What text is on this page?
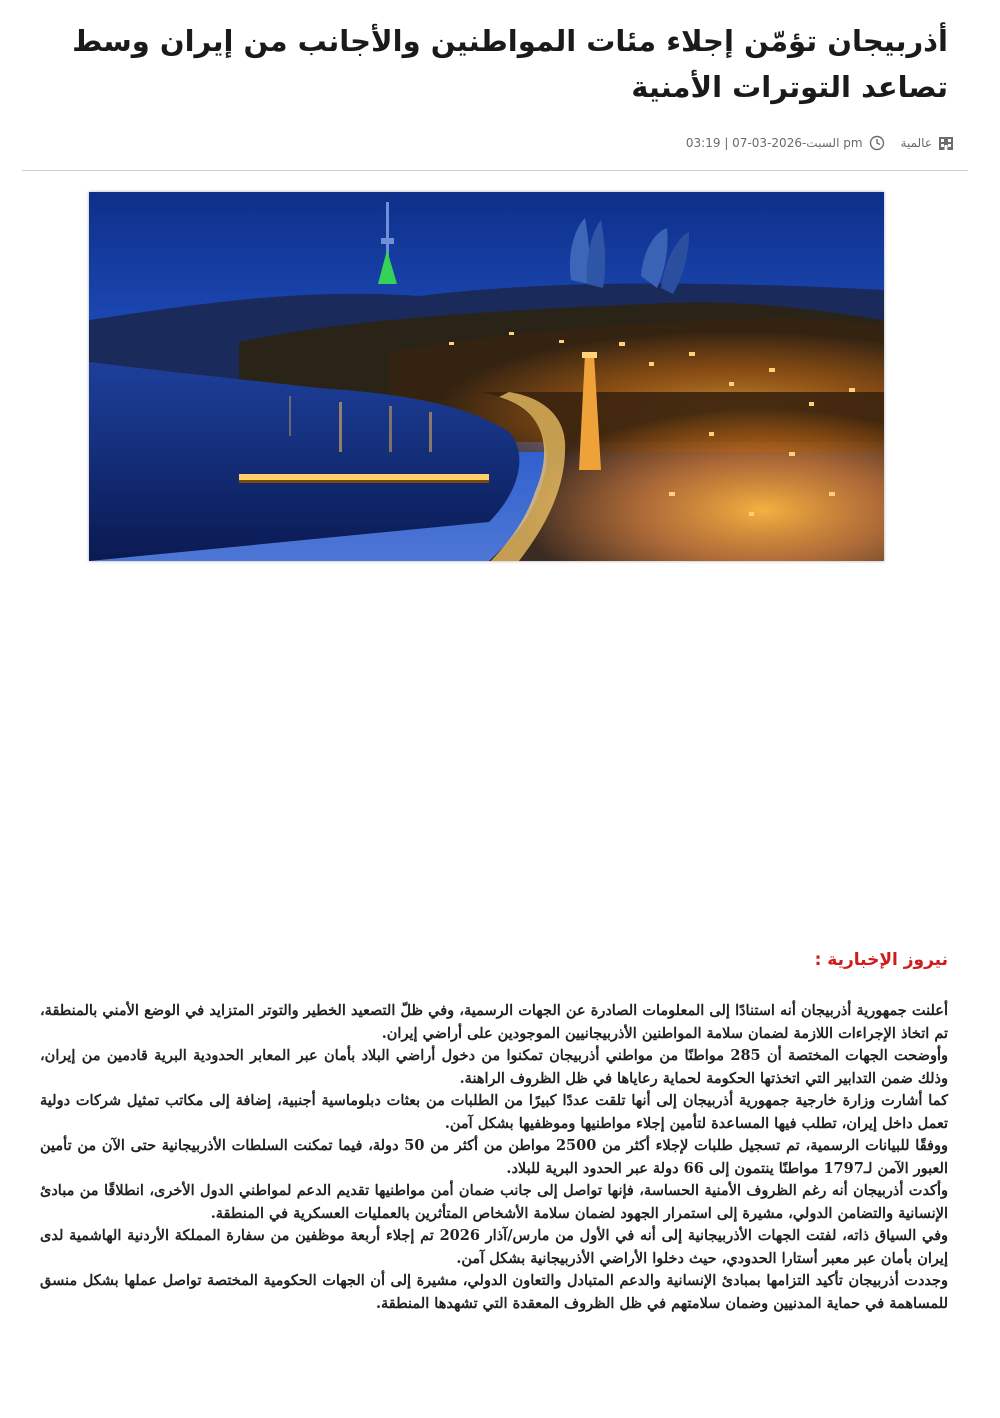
أذربيجان تؤمّن إجلاء مئات المواطنين والأجانب من إيران وسط تصاعد التوترات الأمنية
عالمية
السبت-2026-03-07 | 03:19 pm
نيروز الإخبارية :

أعلنت جمهورية أذربيجان أنه استنادًا إلى المعلومات الصادرة عن الجهات الرسمية، وفي ظلّ التصعيد الخطير والتوتر المتزايد في الوضع الأمني بالمنطقة، تم اتخاذ الإجراءات اللازمة لضمان سلامة المواطنين الأذربيجانيين الموجودين على أراضي إيران.

وأوضحت الجهات المختصة أن 285 مواطنًا من مواطني أذربيجان تمكنوا من دخول أراضي البلاد بأمان عبر المعابر الحدودية البرية قادمين من إيران، وذلك ضمن التدابير التي اتخذتها الحكومة لحماية رعاياها في ظل الظروف الراهنة.

كما أشارت وزارة خارجية جمهورية أذربيجان إلى أنها تلقت عددًا كبيرًا من الطلبات من بعثات دبلوماسية أجنبية، إضافة إلى مكاتب تمثيل شركات دولية تعمل داخل إيران، تطلب فيها المساعدة لتأمين إجلاء مواطنيها وموظفيها بشكل آمن.

ووفقًا للبيانات الرسمية، تم تسجيل طلبات لإجلاء أكثر من 2500 مواطن من أكثر من 50 دولة، فيما تمكنت السلطات الأذربيجانية حتى الآن من تأمين العبور الآمن لـ1797 مواطنًا ينتمون إلى 66 دولة عبر الحدود البرية للبلاد.

وأكدت أذربيجان أنه رغم الظروف الأمنية الحساسة، فإنها تواصل إلى جانب ضمان أمن مواطنيها تقديم الدعم لمواطني الدول الأخرى، انطلاقًا من مبادئ الإنسانية والتضامن الدولي، مشيرة إلى استمرار الجهود لضمان سلامة الأشخاص المتأثرين بالعمليات العسكرية في المنطقة.

وفي السياق ذاته، لفتت الجهات الأذربيجانية إلى أنه في الأول من مارس/آذار 2026 تم إجلاء أربعة موظفين من سفارة المملكة الأردنية الهاشمية لدى إيران بأمان عبر معبر أستارا الحدودي، حيث دخلوا الأراضي الأذربيجانية بشكل آمن.

وجددت أذربيجان تأكيد التزامها بمبادئ الإنسانية والدعم المتبادل والتعاون الدولي، مشيرة إلى أن الجهات الحكومية المختصة تواصل عملها بشكل منسق للمساهمة في حماية المدنيين وضمان سلامتهم في ظل الظروف المعقدة التي تشهدها المنطقة.
